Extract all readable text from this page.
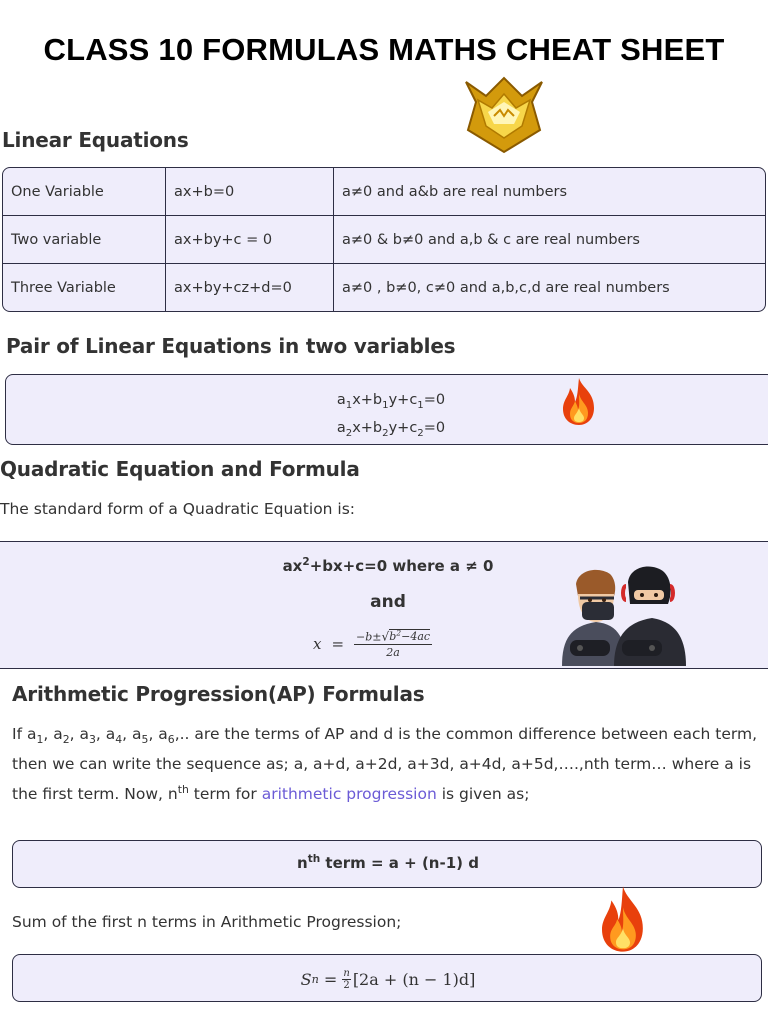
CLASS 10 FORMULAS MATHS CHEAT SHEET
Linear Equations
One Variable	ax+b=0	a≠0 and a&b are real numbers
Two variable	ax+by+c = 0	a≠0 & b≠0 and a,b & c are real numbers
Three Variable	ax+by+cz+d=0	a≠0 , b≠0, c≠0 and a,b,c,d are real numbers
Pair of Linear Equations in two variables
$a_1x+b_1y+c_1=0$
$a_2x+b_2y+c_2=0$
Quadratic Equation and Formula
The standard form of a Quadratic Equation is:
$ax^2+bx+c=0$ where a ≠ 0
and
$x = \frac{-b\pm√b^2-4ac}{2a}$
Arithmetic Progression(AP) Formulas
If $a_1$, $a_2$, $a_3$, $a_4$, $a_5$, $a_6$,.. are the terms of AP and d is the common difference between each term, then we can write the sequence as; a, a+d, a+2d, a+3d, a+4d, a+5d,….,nth term… where a is the first term. Now, $n^{th}$ term for arithmetic progression is given as;
$n^{th}$ term = a + (n-1) d
Sum of the first n terms in Arithmetic Progression;
S $n = \frac{n}{2} [2a + (n - 1)d]$
